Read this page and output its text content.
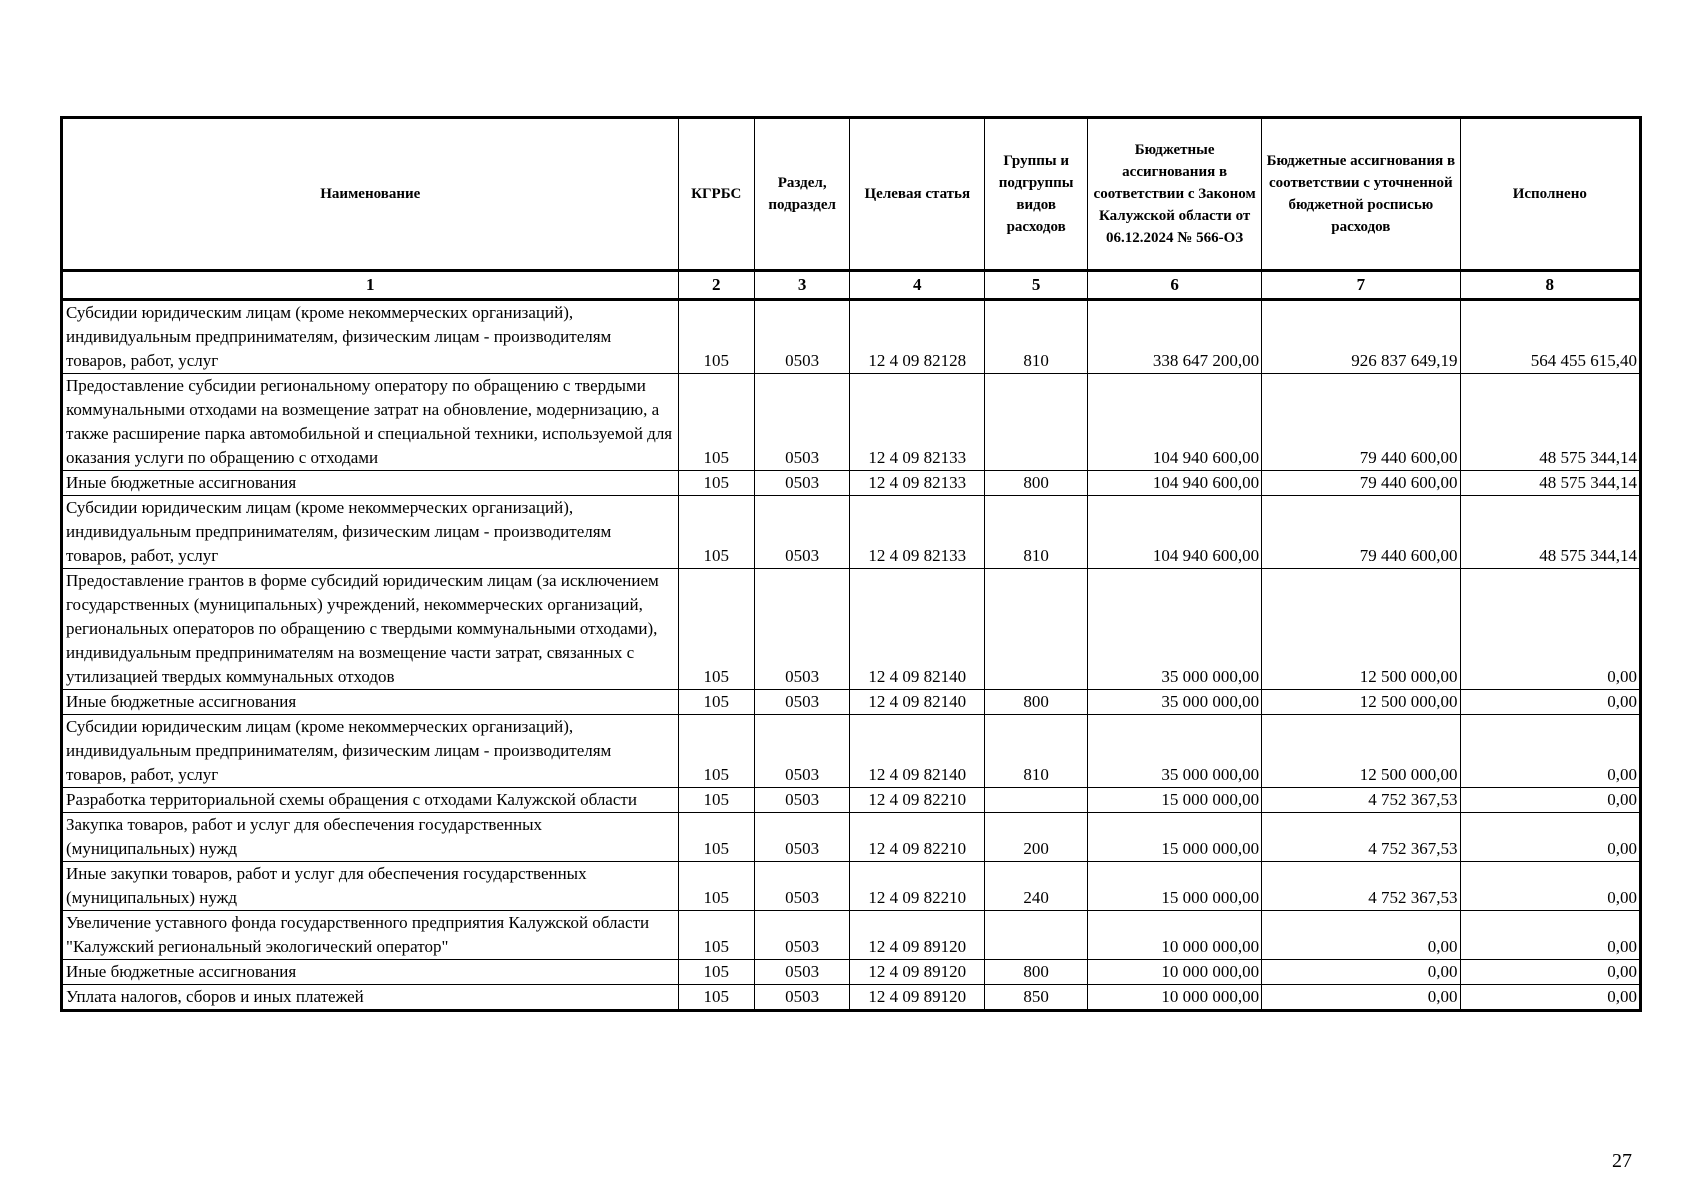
Наименование	КГРБС	Раздел, подраздел	Целевая статья	Группы и подгруппы видов расходов	Бюджетные ассигнования в соответствии с Законом Калужской области от 06.12.2024 № 566-ОЗ	Бюджетные ассигнования в соответствии с уточненной бюджетной росписью расходов	Исполнено
1	2	3	4	5	6	7	8
Субсидии юридическим лицам (кроме некоммерческих организаций), индивидуальным предпринимателям, физическим лицам - производителям товаров, работ, услуг	105	0503	12 4 09 82128	810	338 647 200,00	926 837 649,19	564 455 615,40
Предоставление субсидии региональному оператору по обращению с твердыми коммунальными отходами на возмещение затрат на обновление, модернизацию, а также расширение парка автомобильной и специальной техники, используемой для оказания услуги по обращению с отходами	105	0503	12 4 09 82133		104 940 600,00	79 440 600,00	48 575 344,14
Иные бюджетные ассигнования	105	0503	12 4 09 82133	800	104 940 600,00	79 440 600,00	48 575 344,14
Субсидии юридическим лицам (кроме некоммерческих организаций), индивидуальным предпринимателям, физическим лицам - производителям товаров, работ, услуг	105	0503	12 4 09 82133	810	104 940 600,00	79 440 600,00	48 575 344,14
Предоставление грантов в форме субсидий юридическим лицам (за исключением государственных (муниципальных) учреждений, некоммерческих организаций, региональных операторов по обращению с твердыми коммунальными отходами), индивидуальным предпринимателям на возмещение части затрат, связанных с утилизацией твердых коммунальных отходов	105	0503	12 4 09 82140		35 000 000,00	12 500 000,00	0,00
Иные бюджетные ассигнования	105	0503	12 4 09 82140	800	35 000 000,00	12 500 000,00	0,00
Субсидии юридическим лицам (кроме некоммерческих организаций), индивидуальным предпринимателям, физическим лицам - производителям товаров, работ, услуг	105	0503	12 4 09 82140	810	35 000 000,00	12 500 000,00	0,00
Разработка территориальной схемы обращения с отходами Калужской области	105	0503	12 4 09 82210		15 000 000,00	4 752 367,53	0,00
Закупка товаров, работ и услуг для обеспечения государственных (муниципальных) нужд	105	0503	12 4 09 82210	200	15 000 000,00	4 752 367,53	0,00
Иные закупки товаров, работ и услуг для обеспечения государственных (муниципальных) нужд	105	0503	12 4 09 82210	240	15 000 000,00	4 752 367,53	0,00
Увеличение уставного фонда государственного предприятия Калужской области "Калужский региональный экологический оператор"	105	0503	12 4 09 89120		10 000 000,00	0,00	0,00
Иные бюджетные ассигнования	105	0503	12 4 09 89120	800	10 000 000,00	0,00	0,00
Уплата налогов, сборов и иных платежей	105	0503	12 4 09 89120	850	10 000 000,00	0,00	0,00
27
